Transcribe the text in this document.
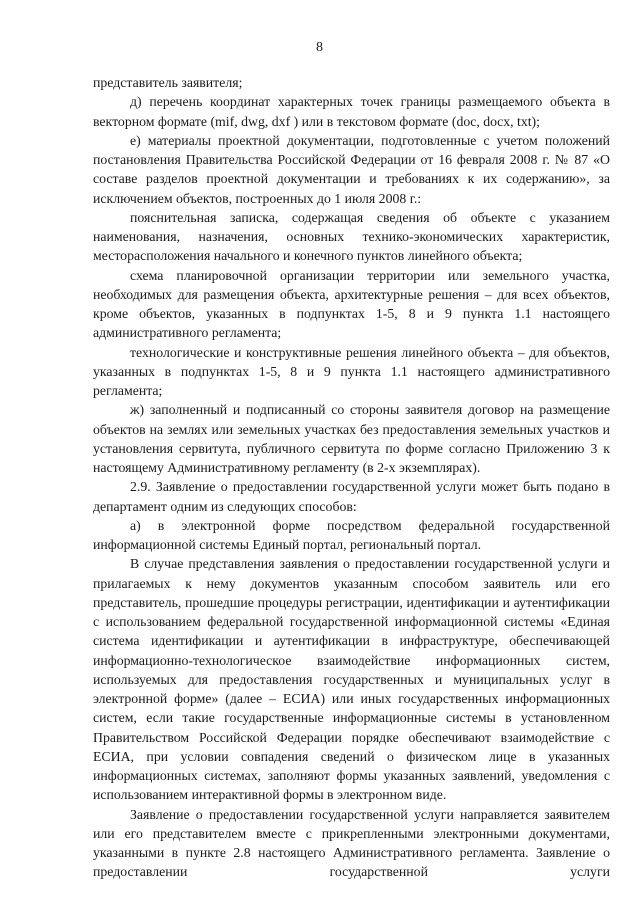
8

представитель заявителя;

д) перечень координат характерных точек границы размещаемого объекта в векторном формате (mif, dwg, dxf ) или в текстовом формате (doc, docx, txt);

е) материалы проектной документации, подготовленные с учетом положений постановления Правительства Российской Федерации от 16 февраля 2008 г. № 87 «О составе разделов проектной документации и требованиях к их содержанию», за исключением объектов, построенных до 1 июля 2008 г.:

пояснительная записка, содержащая сведения об объекте с указанием наименования, назначения, основных технико-экономических характеристик, месторасположения начального и конечного пунктов линейного объекта;

схема планировочной организации территории или земельного участка, необходимых для размещения объекта, архитектурные решения – для всех объектов, кроме объектов, указанных в подпунктах 1-5, 8 и 9 пункта 1.1 настоящего административного регламента;

технологические и конструктивные решения линейного объекта – для объектов, указанных в подпунктах 1-5, 8 и 9 пункта 1.1 настоящего административного регламента;

ж) заполненный и подписанный со стороны заявителя договор на размещение объектов на землях или земельных участках без предоставления земельных участков и установления сервитута, публичного сервитута по форме согласно Приложению 3 к настоящему Административному регламенту (в 2-х экземплярах).

2.9. Заявление о предоставлении государственной услуги может быть подано в департамент одним из следующих способов:

а) в электронной форме посредством федеральной государственной информационной системы Единый портал, региональный портал.

В случае представления заявления о предоставлении государственной услуги и прилагаемых к нему документов указанным способом заявитель или его представитель, прошедшие процедуры регистрации, идентификации и аутентификации с использованием федеральной государственной информационной системы «Единая система идентификации и аутентификации в инфраструктуре, обеспечивающей информационно-технологическое взаимодействие информационных систем, используемых для предоставления государственных и муниципальных услуг в электронной форме» (далее – ЕСИА) или иных государственных информационных систем, если такие государственные информационные системы в установленном Правительством Российской Федерации порядке обеспечивают взаимодействие с ЕСИА, при условии совпадения сведений о физическом лице в указанных информационных системах, заполняют формы указанных заявлений, уведомления с использованием интерактивной формы в электронном виде.

Заявление о предоставлении государственной услуги направляется заявителем или его представителем вместе с прикрепленными электронными документами, указанными в пункте 2.8 настоящего Административного регламента. Заявление о предоставлении государственной услуги
